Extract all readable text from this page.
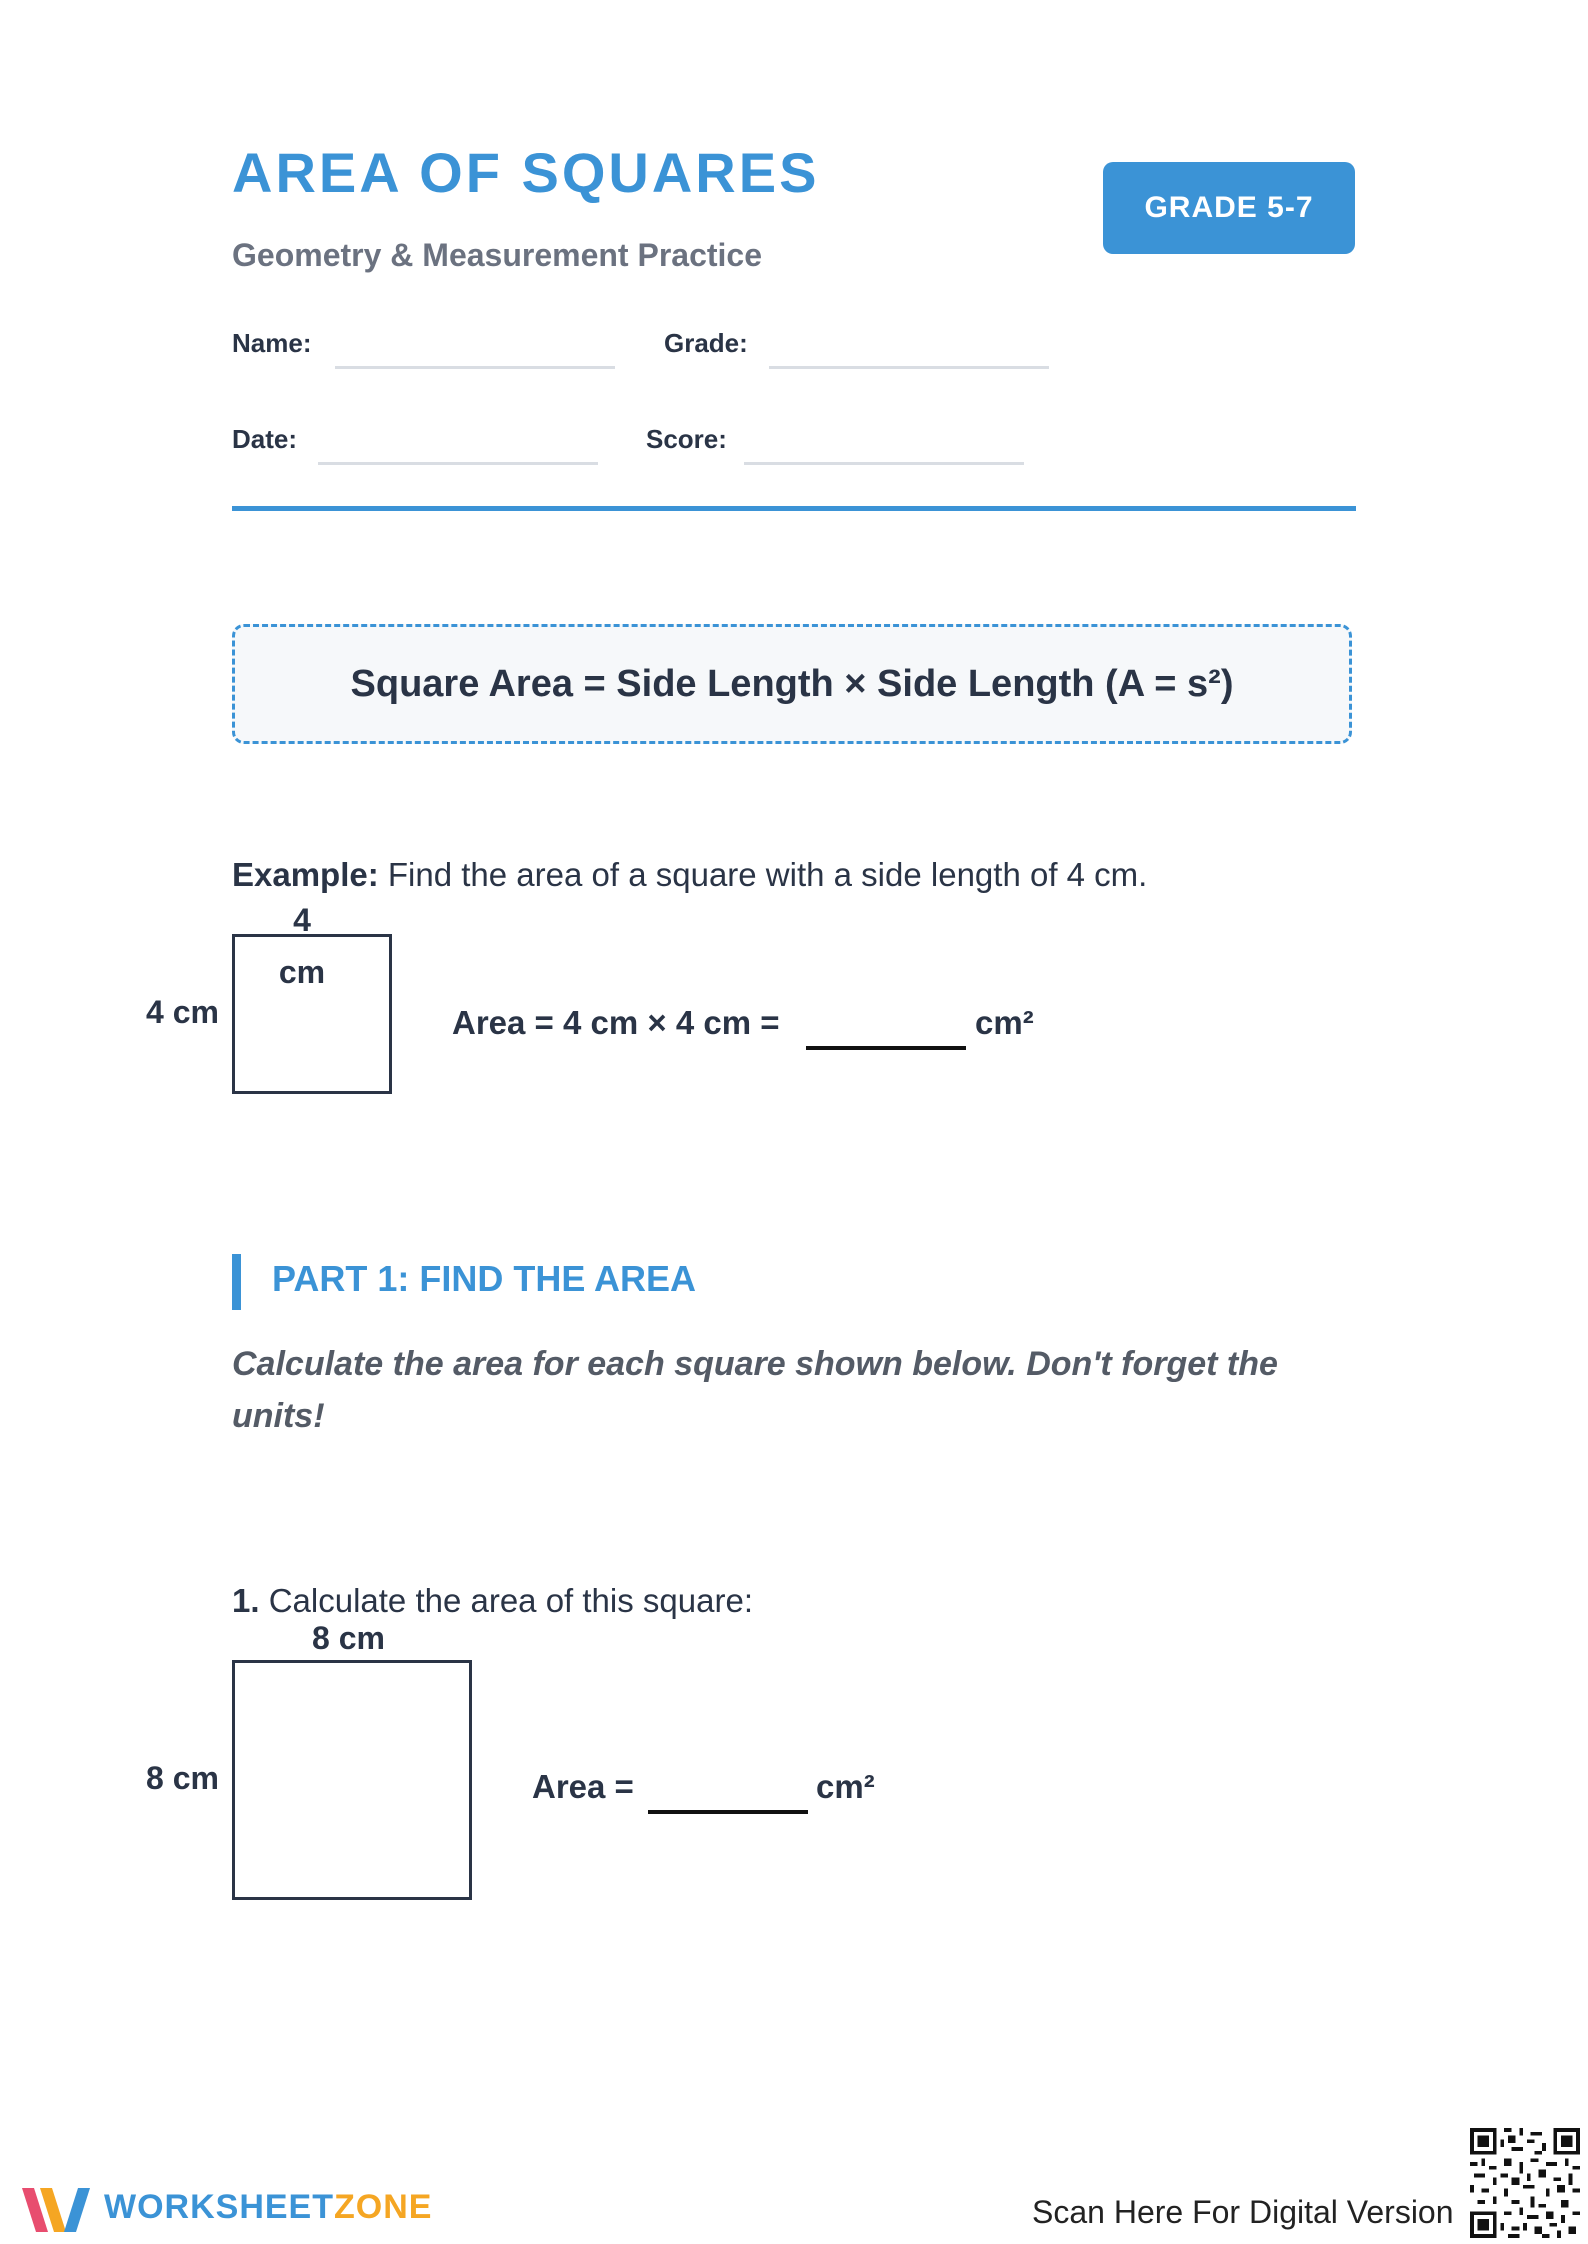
AREA OF SQUARES
Geometry & Measurement Practice
GRADE 5-7
Name:	Grade:
Date:	Score:
Square Area = Side Length × Side Length (A = s²)
Example: Find the area of a square with a side length of 4 cm.
4 cm
4 cm	Area = 4 cm × 4 cm =	cm²
PART 1: FIND THE AREA
Calculate the area for each square shown below. Don't forget the units!
1. Calculate the area of this square:
8 cm
8 cm	Area =	cm²
WORKSHEETZONE	Scan Here For Digital Version
